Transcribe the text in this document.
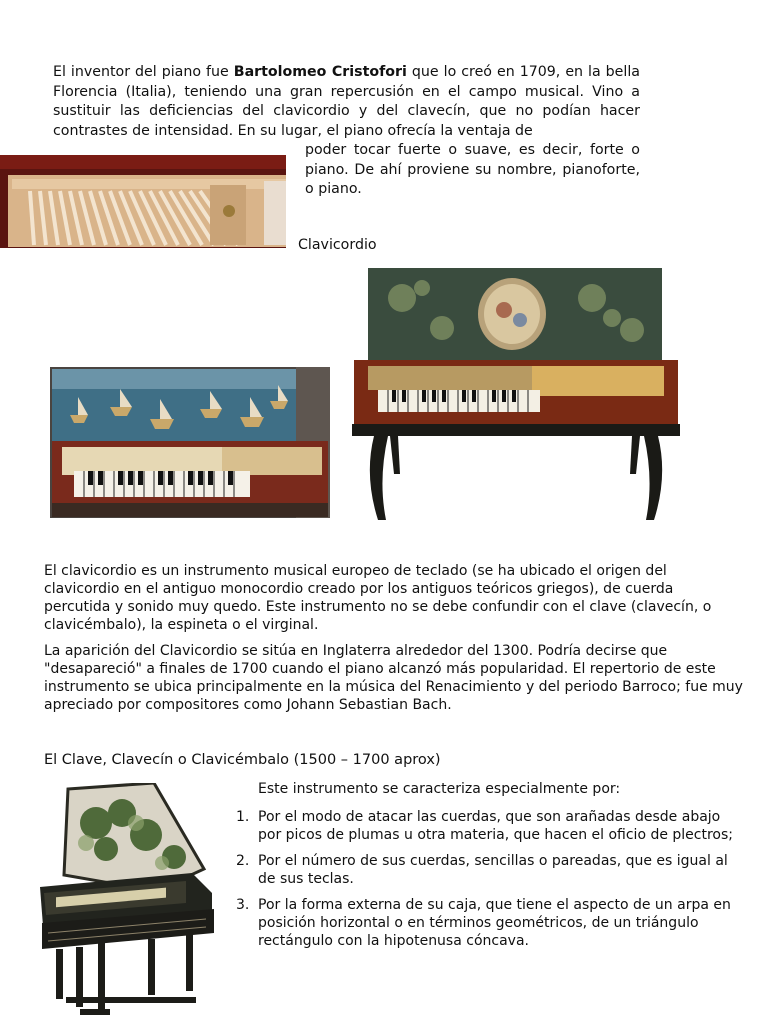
El inventor del piano fue Bartolomeo Cristofori que lo creó en 1709, en la bella Florencia (Italia), teniendo una gran repercusión en el campo musical. Vino a sustituir las deficiencias del clavicordio y del clavecín, que no podían hacer contrastes de intensidad. En su lugar, el piano ofrecía la ventaja de
poder tocar fuerte o suave, es decir, forte o piano. De ahí proviene su nombre, pianoforte, o piano.
Clavicordio
El clavicordio es un instrumento musical europeo de teclado (se ha ubicado el origen del clavicordio en el antiguo monocordio creado por los antiguos teóricos griegos), de cuerda percutida y sonido muy quedo. Este instrumento no se debe confundir con el clave (clavecín, o clavicémbalo), la espineta o el virginal.
La aparición del Clavicordio se sitúa en Inglaterra alrededor del 1300. Podría decirse que "desapareció" a finales de 1700 cuando el piano alcanzó más popularidad. El repertorio de este instrumento se ubica principalmente en la música del Renacimiento y del periodo Barroco; fue muy apreciado por compositores como Johann Sebastian Bach.
El Clave, Clavecín o Clavicémbalo (1500 – 1700 aprox)
Este instrumento se caracteriza especialmente por:
1. Por el modo de atacar las cuerdas, que son arañadas desde abajo por picos de plumas u otra materia, que hacen el oficio de plectros;
2. Por el número de sus cuerdas, sencillas o pareadas, que es igual al de sus teclas.
3. Por la forma externa de su caja, que tiene el aspecto de un arpa en posición horizontal o en términos geométricos, de un triángulo rectángulo con la hipotenusa cóncava.
